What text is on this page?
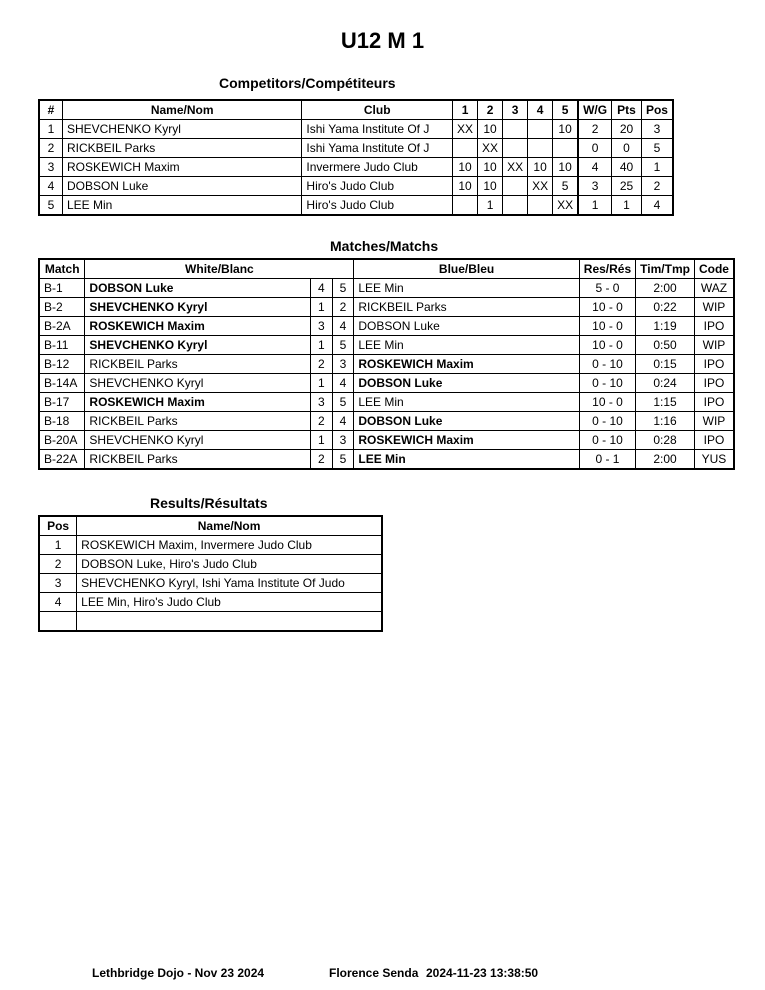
U12 M 1
Competitors/Compétiteurs
#	Name/Nom	Club	1	2	3	4	5	W/G	Pts	Pos
1	SHEVCHENKO Kyryl	Ishi Yama Institute Of J	XX	10			10	2	20	3
2	RICKBEIL Parks	Ishi Yama Institute Of J		XX				0	0	5
3	ROSKEWICH Maxim	Invermere Judo Club	10	10	XX	10	10	4	40	1
4	DOBSON Luke	Hiro's Judo Club	10	10		XX	5	3	25	2
5	LEE Min	Hiro's Judo Club		1			XX	1	1	4
Matches/Matchs
Match	White/Blanc			Blue/Bleu	Res/Rés	Tim/Tmp	Code
B-1	DOBSON Luke	4	5	LEE Min	5 - 0	2:00	WAZ
B-2	SHEVCHENKO Kyryl	1	2	RICKBEIL Parks	10 - 0	0:22	WIP
B-2A	ROSKEWICH Maxim	3	4	DOBSON Luke	10 - 0	1:19	IPO
B-11	SHEVCHENKO Kyryl	1	5	LEE Min	10 - 0	0:50	WIP
B-12	RICKBEIL Parks	2	3	ROSKEWICH Maxim	0 - 10	0:15	IPO
B-14A	SHEVCHENKO Kyryl	1	4	DOBSON Luke	0 - 10	0:24	IPO
B-17	ROSKEWICH Maxim	3	5	LEE Min	10 - 0	1:15	IPO
B-18	RICKBEIL Parks	2	4	DOBSON Luke	0 - 10	1:16	WIP
B-20A	SHEVCHENKO Kyryl	1	3	ROSKEWICH Maxim	0 - 10	0:28	IPO
B-22A	RICKBEIL Parks	2	5	LEE Min	0 - 1	2:00	YUS
Results/Résultats
Pos	Name/Nom
1	ROSKEWICH Maxim, Invermere Judo Club
2	DOBSON Luke, Hiro's Judo Club
3	SHEVCHENKO Kyryl, Ishi Yama Institute Of Judo
4	LEE Min, Hiro's Judo Club

Lethbridge Dojo - Nov 23 2024	Florence Senda 2024-11-23 13:38:50
